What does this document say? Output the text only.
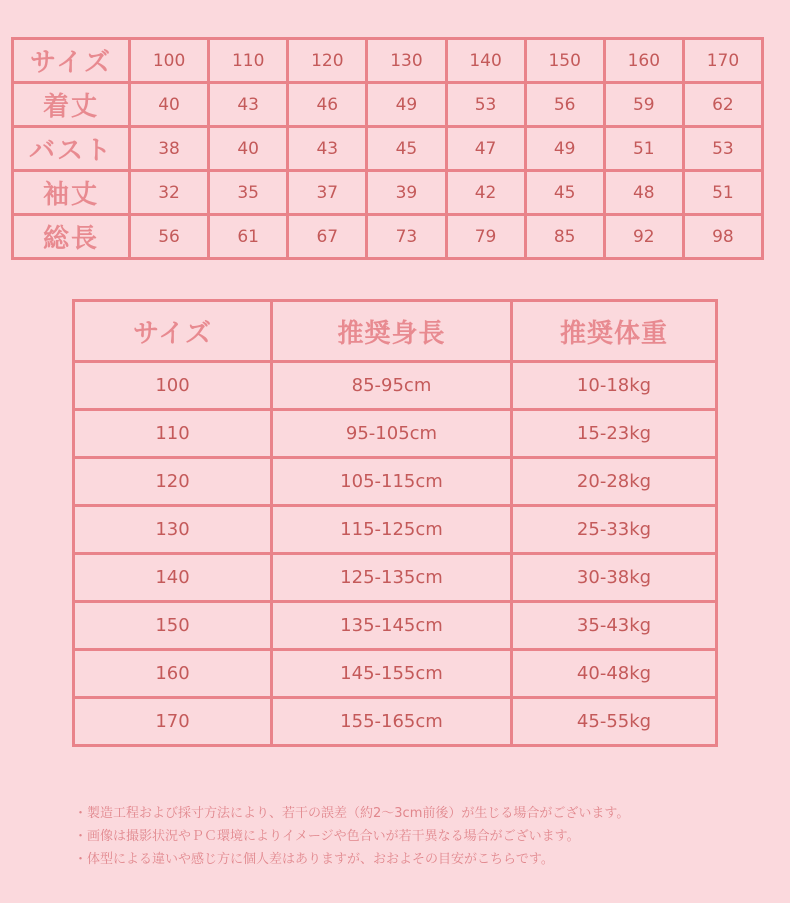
サイズ	100	110	120	130	140	150	160	170
着丈	40	43	46	49	53	56	59	62
バスト	38	40	43	45	47	49	51	53
袖丈	32	35	37	39	42	45	48	51
総長	56	61	67	73	79	85	92	98
サイズ	推奨身長	推奨体重
100	85-95cm	10-18kg
110	95-105cm	15-23kg
120	105-115cm	20-28kg
130	115-125cm	25-33kg
140	125-135cm	30-38kg
150	135-145cm	35-43kg
160	145-155cm	40-48kg
170	155-165cm	45-55kg
・製造工程および採寸方法により、若干の誤差（約2〜3cm前後）が生じる場合がございます。
・画像は撮影状況やＰＣ環境によりイメージや色合いが若干異なる場合がございます。
・体型による違いや感じ方に個人差はありますが、おおよその目安がこちらです。
